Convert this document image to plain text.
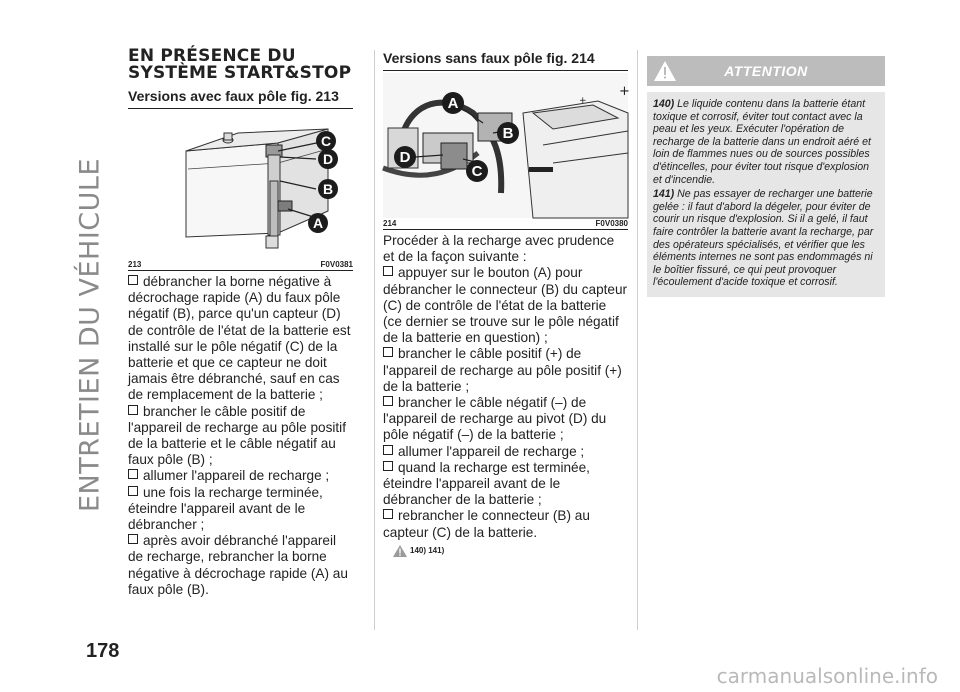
ENTRETIEN DU VÉHICULE
178
EN PRÉSENCE DU
SYSTÈME START&STOP
Versions avec faux pôle fig. 213
C
D
B
A
213	F0V0381

débrancher la borne négative à décrochage rapide (A) du faux pôle négatif (B), parce qu'un capteur (D) de contrôle de l'état de la batterie est installé sur le pôle négatif (C) de la batterie et que ce capteur ne doit jamais être débranché, sauf en cas de remplacement de la batterie ;

brancher le câble positif de l'appareil de recharge au pôle positif de la batterie et le câble négatif au faux pôle (B) ;

allumer l'appareil de recharge ;

une fois la recharge terminée, éteindre l'appareil avant de le débrancher ;

après avoir débranché l'appareil de recharge, rebrancher la borne négative à décrochage rapide (A) au faux pôle (B).

Versions sans faux pôle fig. 214
+
+
A
B
D
C
214	F0V0380

Procéder à la recharge avec prudence et de la façon suivante :

appuyer sur le bouton (A) pour débrancher le connecteur (B) du capteur (C) de contrôle de l'état de la batterie (ce dernier se trouve sur le pôle négatif de la batterie en question) ;

brancher le câble positif (+) de l'appareil de recharge au pôle positif (+) de la batterie ;

brancher le câble négatif (–) de l'appareil de recharge au pivot (D) du pôle négatif (–) de la batterie ;

allumer l'appareil de recharge ;

quand la recharge est terminée, éteindre l'appareil avant de le débrancher de la batterie ;

rebrancher le connecteur (B) au capteur (C) de la batterie.

140) 141)
ATTENTION

140) Le liquide contenu dans la batterie étant toxique et corrosif, éviter tout contact avec la peau et les yeux. Exécuter l'opération de recharge de la batterie dans un endroit aéré et loin de flammes nues ou de sources possibles d'étincelles, pour éviter tout risque d'explosion et d'incendie.

141) Ne pas essayer de recharger une batterie gelée : il faut d'abord la dégeler, pour éviter de courir un risque d'explosion. Si il a gelé, il faut faire contrôler la batterie avant la recharge, par des opérateurs spécialisés, et vérifier que les éléments internes ne sont pas endommagés ni le boîtier fissuré, ce qui peut provoquer l'écoulement d'acide toxique et corrosif.

carmanualsonline.info
